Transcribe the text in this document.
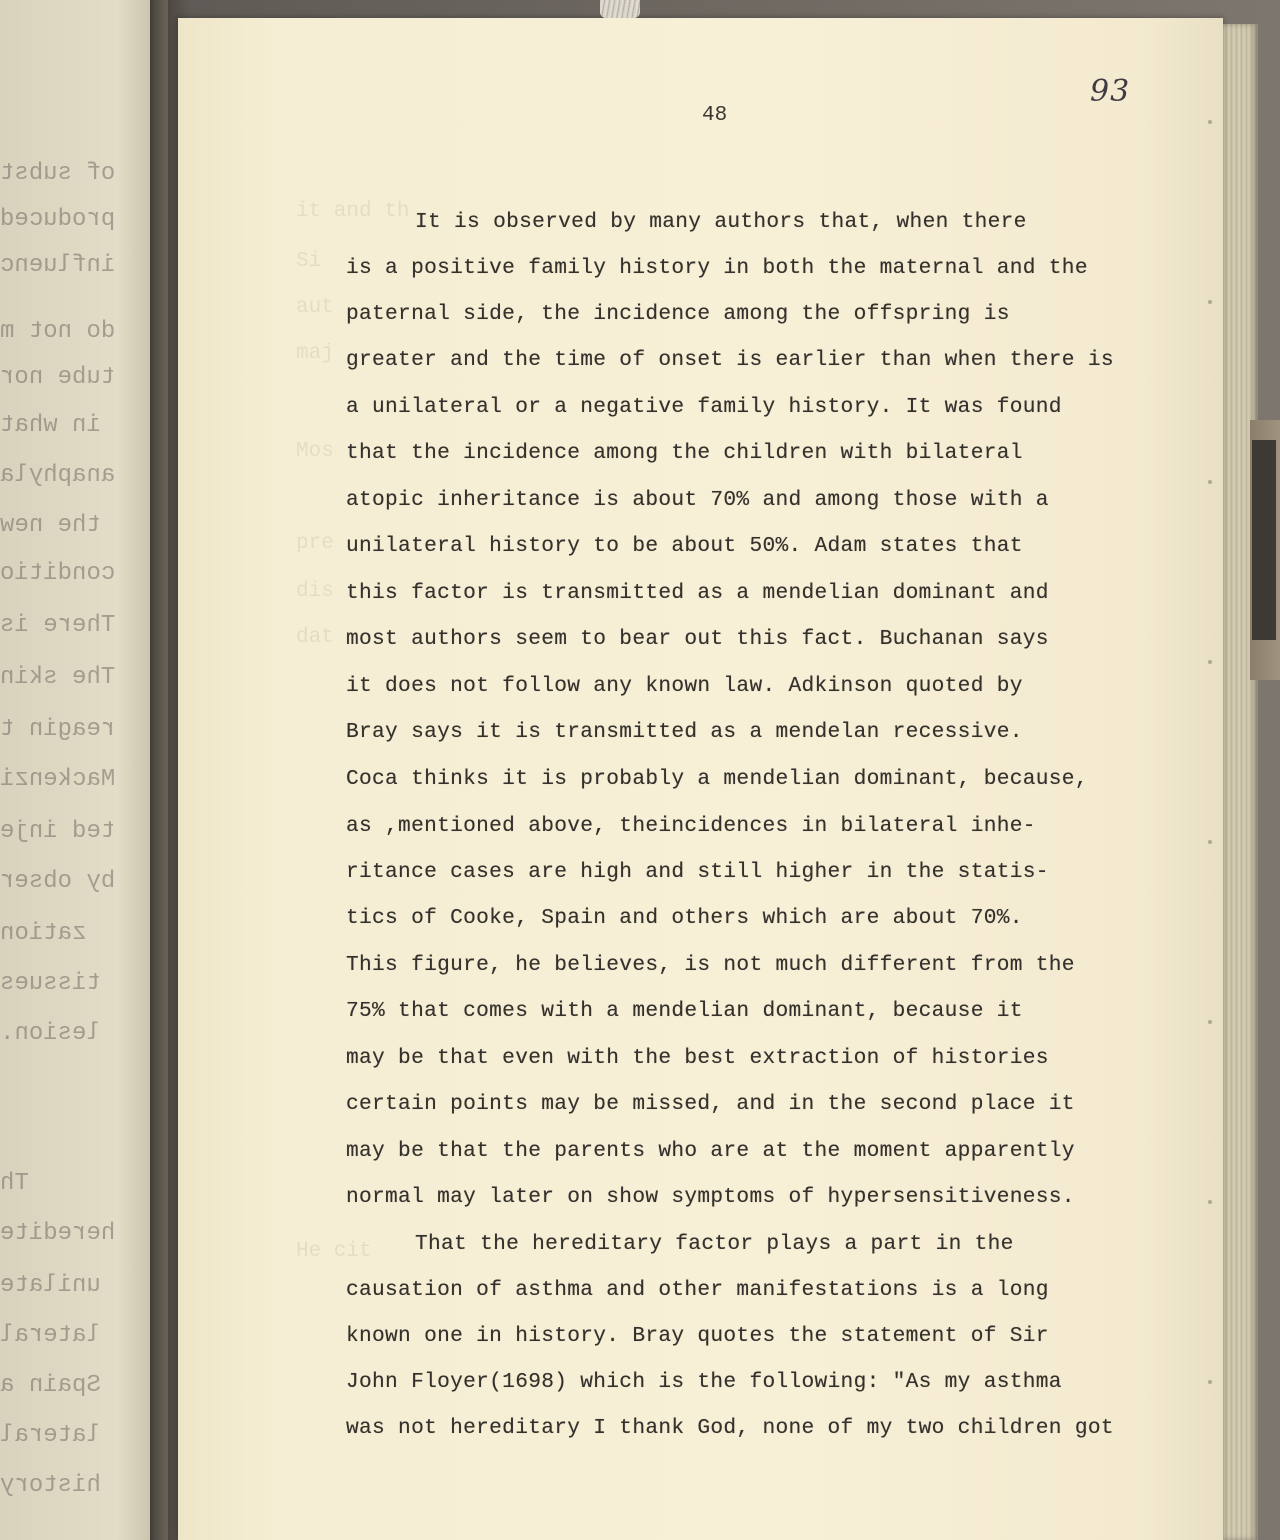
of subst
produced
influenc
do not m
tube nor
in what
anaphyla
the new
conditio
There is
The skin
reagin t
Mackenzi
ted inje
by obser
zation
tissues
lesion.
Th
heredite
unilate
lateral
Spain a
lateral
history
it and th
Si
aut
maj
Mos
pre
dis
dat
He cit
93
48
It is observed by many authors that, when there
is a positive family history in both the maternal and the
paternal side, the incidence among the offspring is
greater and the time of onset is earlier than when there is
a unilateral or a negative family history. It was found
that the incidence among the children with bilateral
atopic inheritance is about 70% and among those with a
unilateral history to be about 50%. Adam states that
this factor is transmitted as a mendelian dominant and
most authors seem to bear out this fact. Buchanan says
it does not follow any known law. Adkinson quoted by
Bray says it is transmitted as a mendelan recessive.
Coca thinks it is probably a mendelian dominant, because,
as ,mentioned above, theincidences in bilateral inhe-
ritance cases are high and still higher in the statis-
tics of Cooke, Spain and others which are about 70%.
This figure, he believes, is not much different from the
75% that comes with a mendelian dominant, because it
may be that even with the best extraction of histories
certain points may be missed, and in the second place it
may be that the parents who are at the moment apparently
normal may later on show symptoms of hypersensitiveness.
That the hereditary factor plays a part in the
causation of asthma and other manifestations is a long
known one in history. Bray quotes the statement of Sir
John Floyer(1698) which is the following: "As my asthma
was not hereditary I thank God, none of my two children got
